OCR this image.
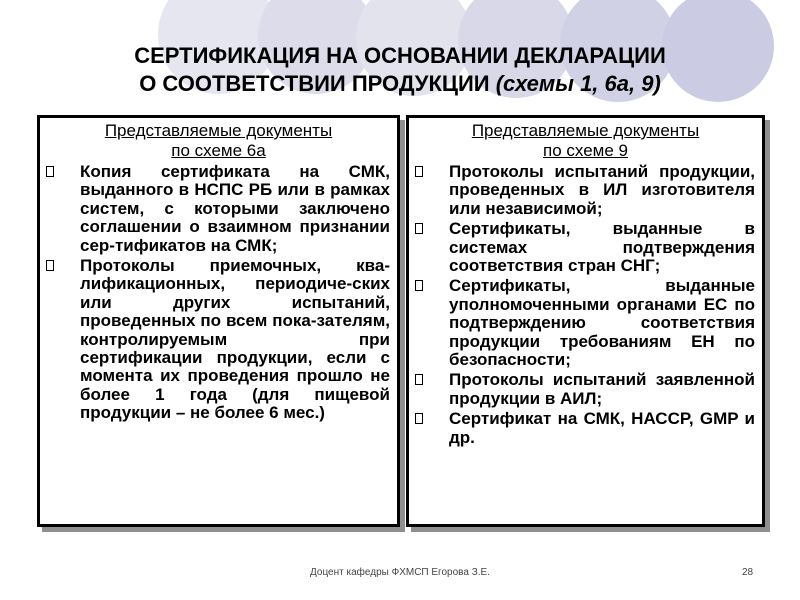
СЕРТИФИКАЦИЯ НА ОСНОВАНИИ ДЕКЛАРАЦИИ
О СООТВЕТСТВИИ ПРОДУКЦИИ (схемы 1, 6а, 9)
Представляемые документы
по схеме 6а
Копия сертификата на СМК, выданного в НСПС РБ или в рамках систем, с которыми заключено соглашении о взаимном признании сер-тификатов на СМК;
Протоколы приемочных, ква-лификационных, периодиче-ских или других испытаний, проведенных по всем пока-зателям, контролируемым при сертификации продукции, если с момента их проведения прошло не более 1 года (для пищевой продукции – не более 6 мес.)
Представляемые документы
по схеме 9
Протоколы испытаний продукции, проведенных в ИЛ изготовителя или независимой;
Сертификаты, выданные в системах подтверждения соответствия стран СНГ;
Сертификаты, выданные уполномоченными органами ЕС по подтверждению соответствия продукции требованиям ЕН по безопасности;
Протоколы испытаний заявленной продукции в АИЛ;
Сертификат на СМК, НАССР, GMP и др.
Доцент кафедры ФХМСП Егорова З.Е.	28
